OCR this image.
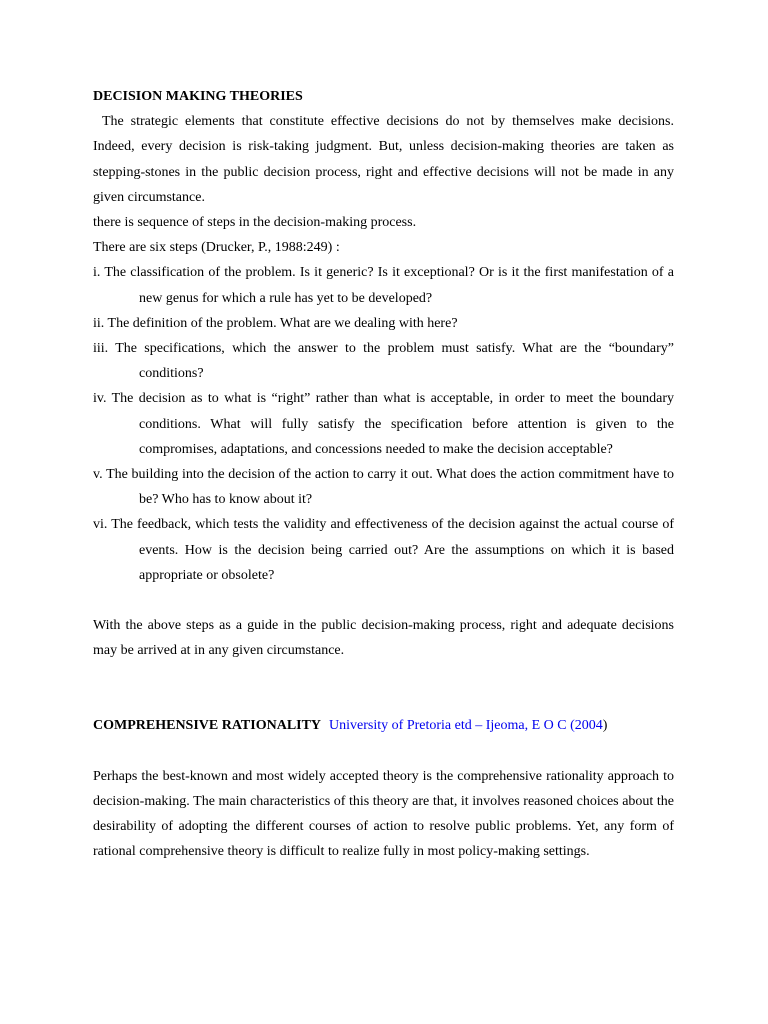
DECISION MAKING THEORIES

The strategic elements that constitute effective decisions do not by themselves make decisions. Indeed, every decision is risk-taking judgment. But, unless decision-making theories are taken as stepping-stones in the public decision process, right and effective decisions will not be made in any given circumstance.

there is sequence of steps in the decision-making process.

There are six steps (Drucker, P., 1988:249) :

i. The classification of the problem. Is it generic? Is it exceptional? Or is it the first manifestation of a new genus for which a rule has yet to be developed?

ii. The definition of the problem. What are we dealing with here?

iii. The specifications, which the answer to the problem must satisfy. What are the “boundary” conditions?

iv. The decision as to what is “right” rather than what is acceptable, in order to meet the boundary conditions. What will fully satisfy the specification before attention is given to the compromises, adaptations, and concessions needed to make the decision acceptable?

v. The building into the decision of the action to carry it out. What does the action commitment have to be? Who has to know about it?

vi. The feedback, which tests the validity and effectiveness of the decision against the actual course of events. How is the decision being carried out? Are the assumptions on which it is based appropriate or obsolete?

With the above steps as a guide in the public decision-making process, right and adequate decisions may be arrived at in any given circumstance.

COMPREHENSIVE RATIONALITY University of Pretoria etd – Ijeoma, E O C (2004)

Perhaps the best-known and most widely accepted theory is the comprehensive rationality approach to decision-making. The main characteristics of this theory are that, it involves reasoned choices about the desirability of adopting the different courses of action to resolve public problems. Yet, any form of rational comprehensive theory is difficult to realize fully in most policy-making settings.
